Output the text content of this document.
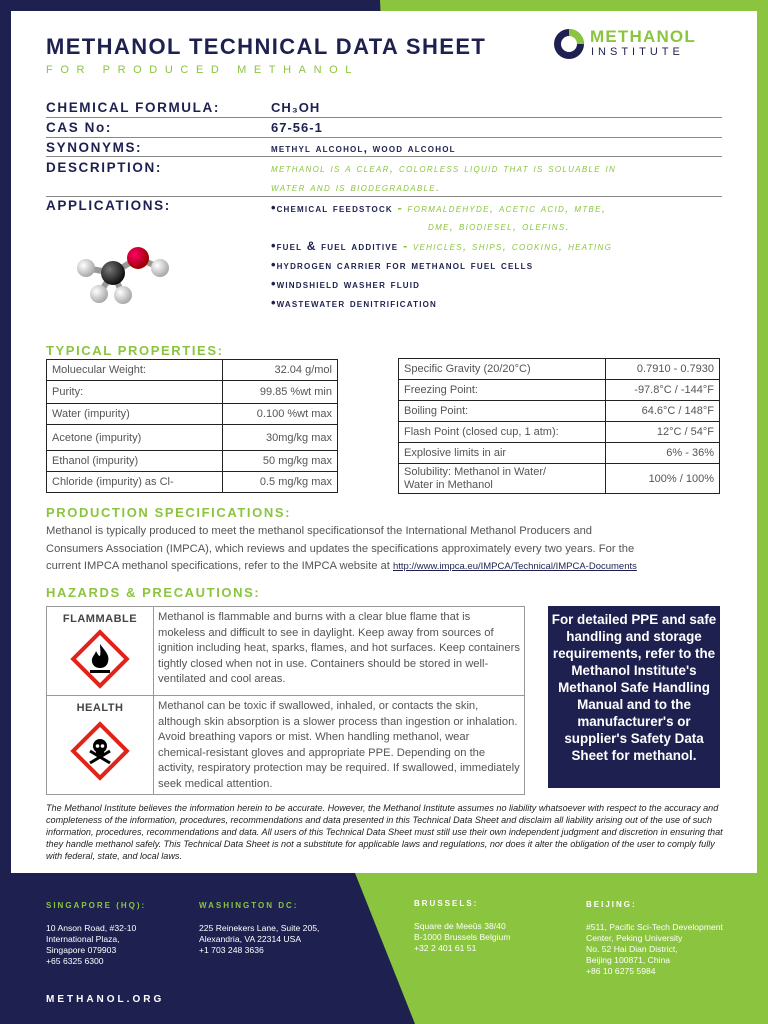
METHANOL TECHNICAL DATA SHEET
FOR PRODUCED METHANOL
METHANOL
INSTITUTE
CHEMICAL FORMULA:	CH₃OH
CAS No:	67-56-1
SYNONYMS:	methyl alcohol, wood alcohol
DESCRIPTION:	methanol is a clear, colorless liquid that is soluable in
water and is biodegradable.
APPLICATIONS:	•chemical feedstock - formaldehyde, acetic acid, mtbe,
dme, biodiesel, olefins.
•fuel & fuel additive - vehicles, ships, cooking, heating
•hydrogen carrier for methanol fuel cells
•windshield washer fluid
•wastewater denitrification
TYPICAL PROPERTIES:
Moluecular Weight:	32.04 g/mol
Purity:	99.85 %wt min
Water (impurity)	0.100 %wt max
Acetone (impurity)	30mg/kg max
Ethanol (impurity)	50 mg/kg max
Chloride (impurity) as Cl-	0.5 mg/kg max
Specific Gravity (20/20°C)	0.7910 - 0.7930
Freezing Point:	-97.8°C / -144°F
Boiling Point:	64.6°C / 148°F
Flash Point (closed cup, 1 atm):	12°C / 54°F
Explosive limits in air	6% - 36%
Solubility: Methanol in Water/
Water in Methanol	100% / 100%
PRODUCTION SPECIFICATIONS:
Methanol is typically produced to meet the methanol specificationsof the International Methanol Producers and
Consumers Association (IMPCA), which reviews and updates the specifications approximately every two years. For the
current IMPCA methanol specifications, refer to the IMPCA website at http://www.impca.eu/IMPCA/Technical/IMPCA-Documents
HAZARDS & PRECAUTIONS:
FLAMMABLE	Methanol is flammable and burns with a clear blue flame that is mokeless and difficult to see in daylight. Keep away from sources of ignition including heat, sparks, flames, and hot surfaces. Keep containers tightly closed when not in use. Containers should be stored in well-ventilated and cool areas.

HEALTH	Methanol can be toxic if swallowed, inhaled, or contacts the skin, although skin absorption is a slower process than ingestion or inhalation. Avoid breathing vapors or mist. When handling methanol, wear chemical-resistant gloves and appropriate PPE. Depending on the activity, respiratory protection may be required. If swallowed, immediately seek medical attention.
For detailed PPE and safe handling and storage requirements, refer to the Methanol Institute's Methanol Safe Handling Manual and to the manufacturer's or supplier's Safety Data Sheet for methanol.
The Methanol Institute believes the information herein to be accurate. However, the Methanol Institute assumes no liability whatsoever with respect to the accuracy and completeness of the information, procedures, recommendations and data presented in this Technical Data Sheet and disclaim all liability arising out of the use of such information, procedures, recommendations and data. All users of this Technical Data Sheet must still use their own independent judgment and discretion in ensuring that they handle methanol safely. This Technical Data Sheet is not a substitute for applicable laws and regulations, nor does it alter the obligation of the user to comply fully with federal, state, and local laws.
SINGAPORE (HQ):
10 Anson Road, #32-10
International Plaza,
Singapore 079903
+65 6325 6300
WASHINGTON DC:
225 Reinekers Lane, Suite 205,
Alexandria, VA 22314 USA
+1 703 248 3636
BRUSSELS:
Square de Meeûs 38/40
B-1000 Brussels Belgium
+32 2 401 61 51
BEIJING:
#511, Pacific Sci-Tech Development
Center, Peking University
No. 52 Hai Dian District,
Beijing 100871, China
+86 10 6275 5984
METHANOL.ORG
